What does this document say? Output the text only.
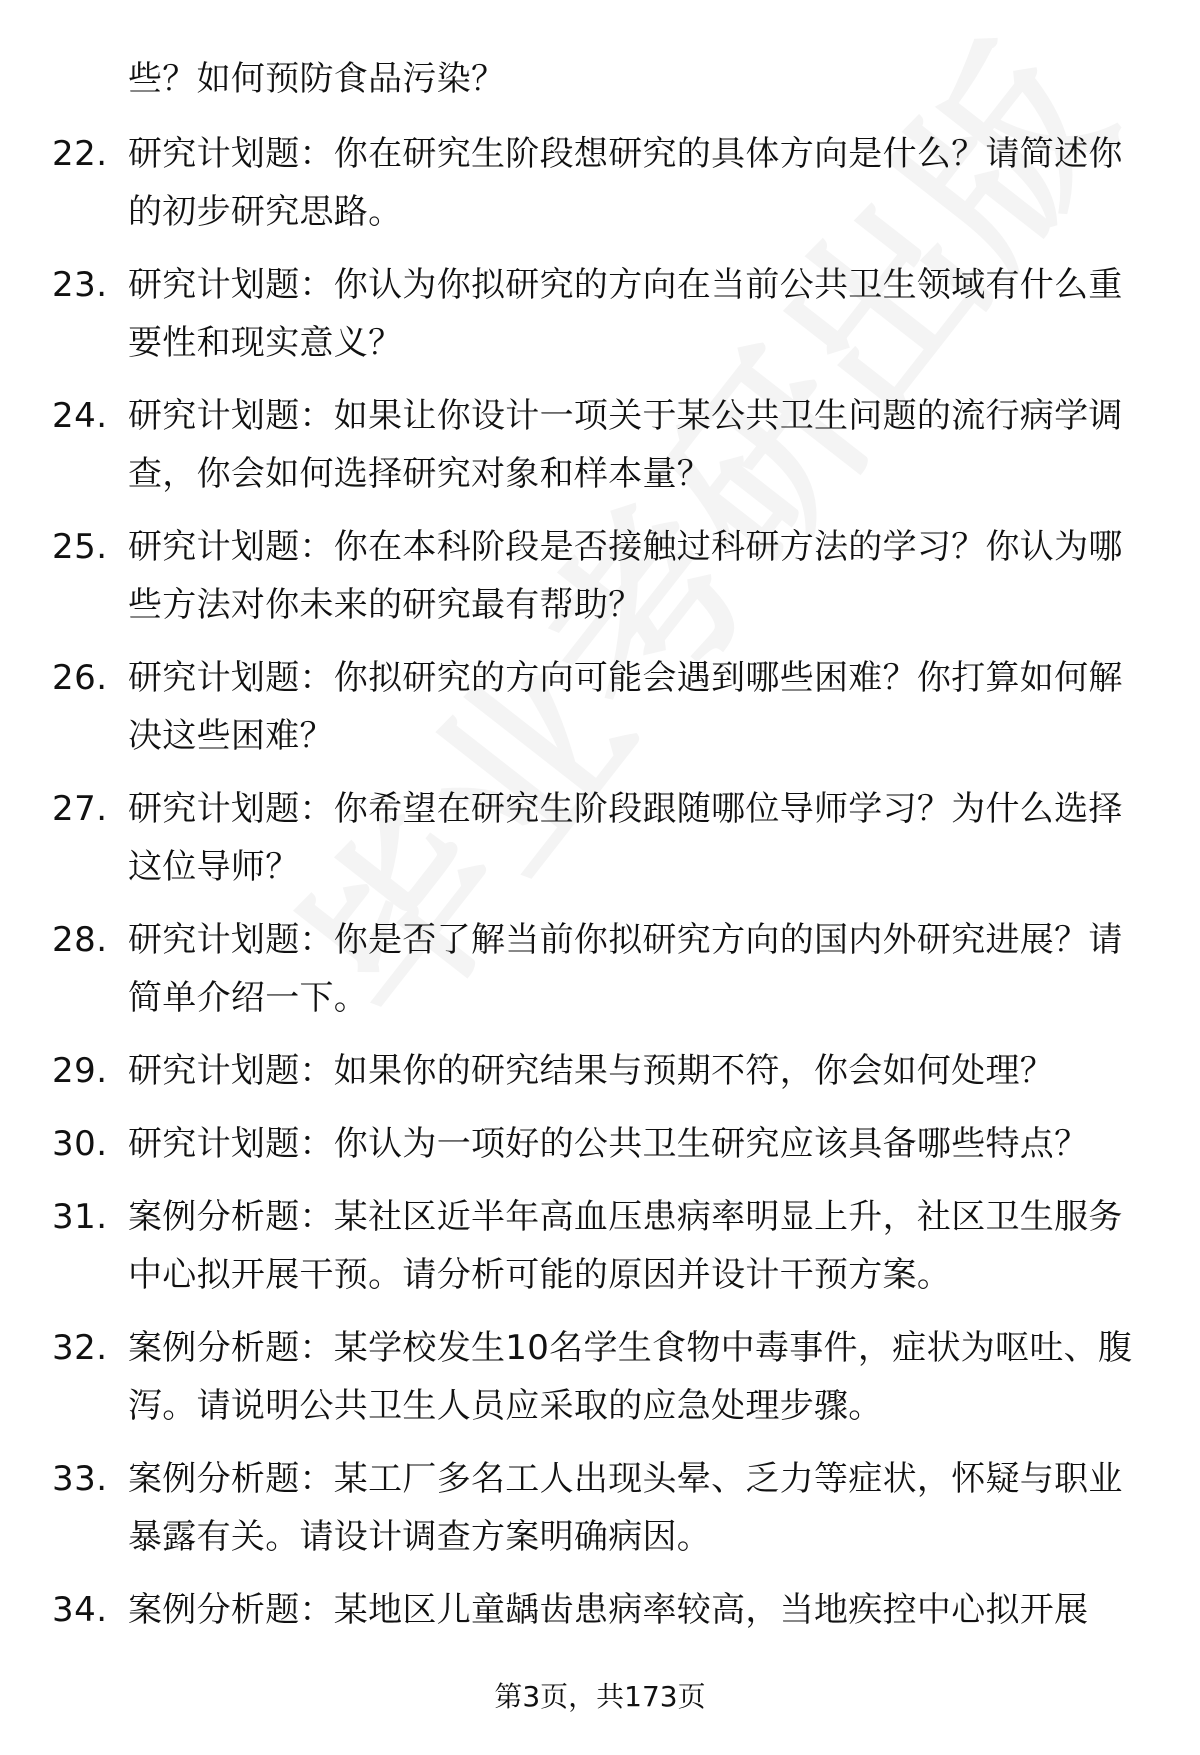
些？如何预防食品污染？
22. 研究计划题：你在研究生阶段想研究的具体方向是什么？请简述你的初步研究思路。
23. 研究计划题：你认为你拟研究的方向在当前公共卫生领域有什么重要性和现实意义？
24. 研究计划题：如果让你设计一项关于某公共卫生问题的流行病学调查，你会如何选择研究对象和样本量？
25. 研究计划题：你在本科阶段是否接触过科研方法的学习？你认为哪些方法对你未来的研究最有帮助？
26. 研究计划题：你拟研究的方向可能会遇到哪些困难？你打算如何解决这些困难？
27. 研究计划题：你希望在研究生阶段跟随哪位导师学习？为什么选择这位导师？
28. 研究计划题：你是否了解当前你拟研究方向的国内外研究进展？请简单介绍一下。
29. 研究计划题：如果你的研究结果与预期不符，你会如何处理？
30. 研究计划题：你认为一项好的公共卫生研究应该具备哪些特点？
31. 案例分析题：某社区近半年高血压患病率明显上升，社区卫生服务中心拟开展干预。请分析可能的原因并设计干预方案。
32. 案例分析题：某学校发生10名学生食物中毒事件，症状为呕吐、腹泻。请说明公共卫生人员应采取的应急处理步骤。
33. 案例分析题：某工厂多名工人出现头晕、乏力等症状，怀疑与职业暴露有关。请设计调查方案明确病因。
34. 案例分析题：某地区儿童龋齿患病率较高，当地疾控中心拟开展
第3页，共173页
